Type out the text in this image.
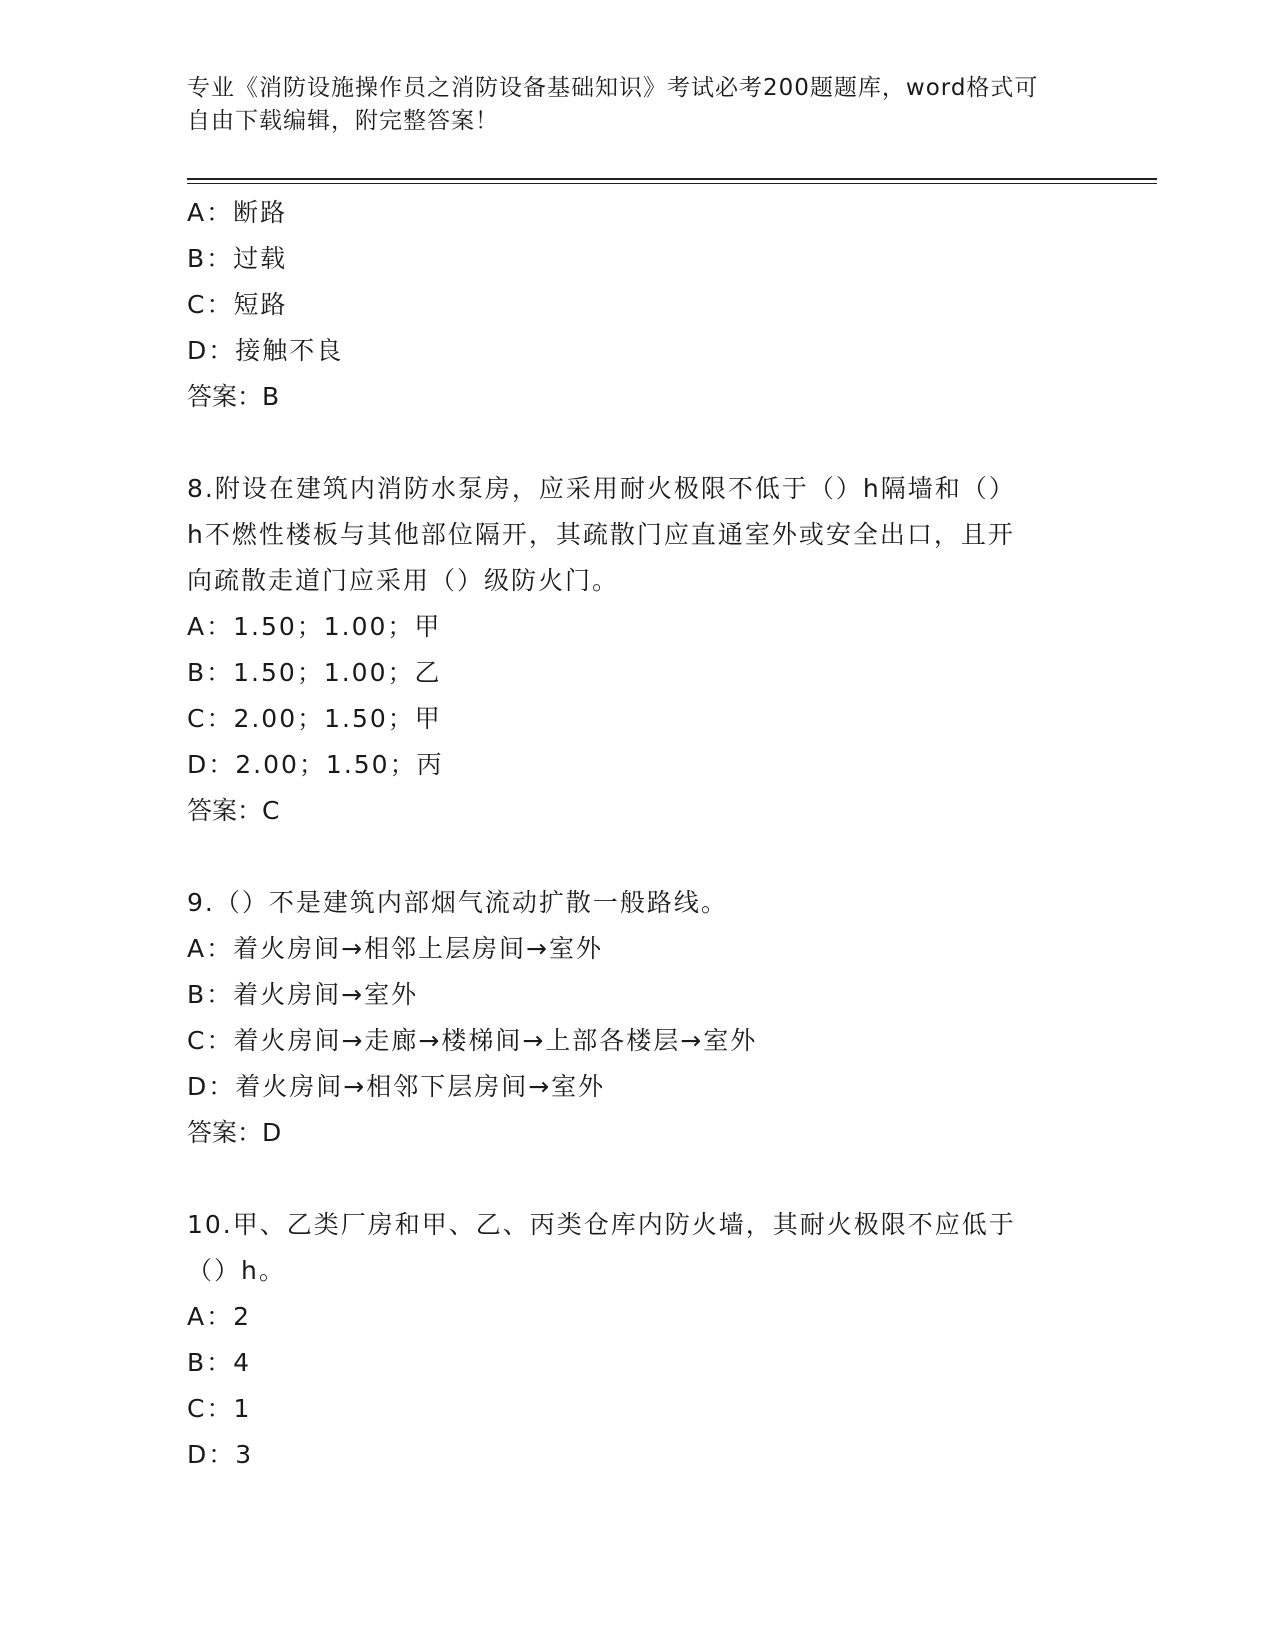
专业《消防设施操作员之消防设备基础知识》考试必考200题题库，word格式可
自由下载编辑，附完整答案！
A：断路
B：过载
C：短路
D：接触不良
答案：B
8.附设在建筑内消防水泵房，应采用耐火极限不低于（）h隔墙和（）
h不燃性楼板与其他部位隔开，其疏散门应直通室外或安全出口，且开
向疏散走道门应采用（）级防火门。
A：1.50；1.00；甲
B：1.50；1.00；乙
C：2.00；1.50；甲
D：2.00；1.50；丙
答案：C
9.（）不是建筑内部烟气流动扩散一般路线。
A：着火房间→相邻上层房间→室外
B：着火房间→室外
C：着火房间→走廊→楼梯间→上部各楼层→室外
D：着火房间→相邻下层房间→室外
答案：D
10.甲、乙类厂房和甲、乙、丙类仓库内防火墙，其耐火极限不应低于
（）h。
A：2
B：4
C：1
D：3
